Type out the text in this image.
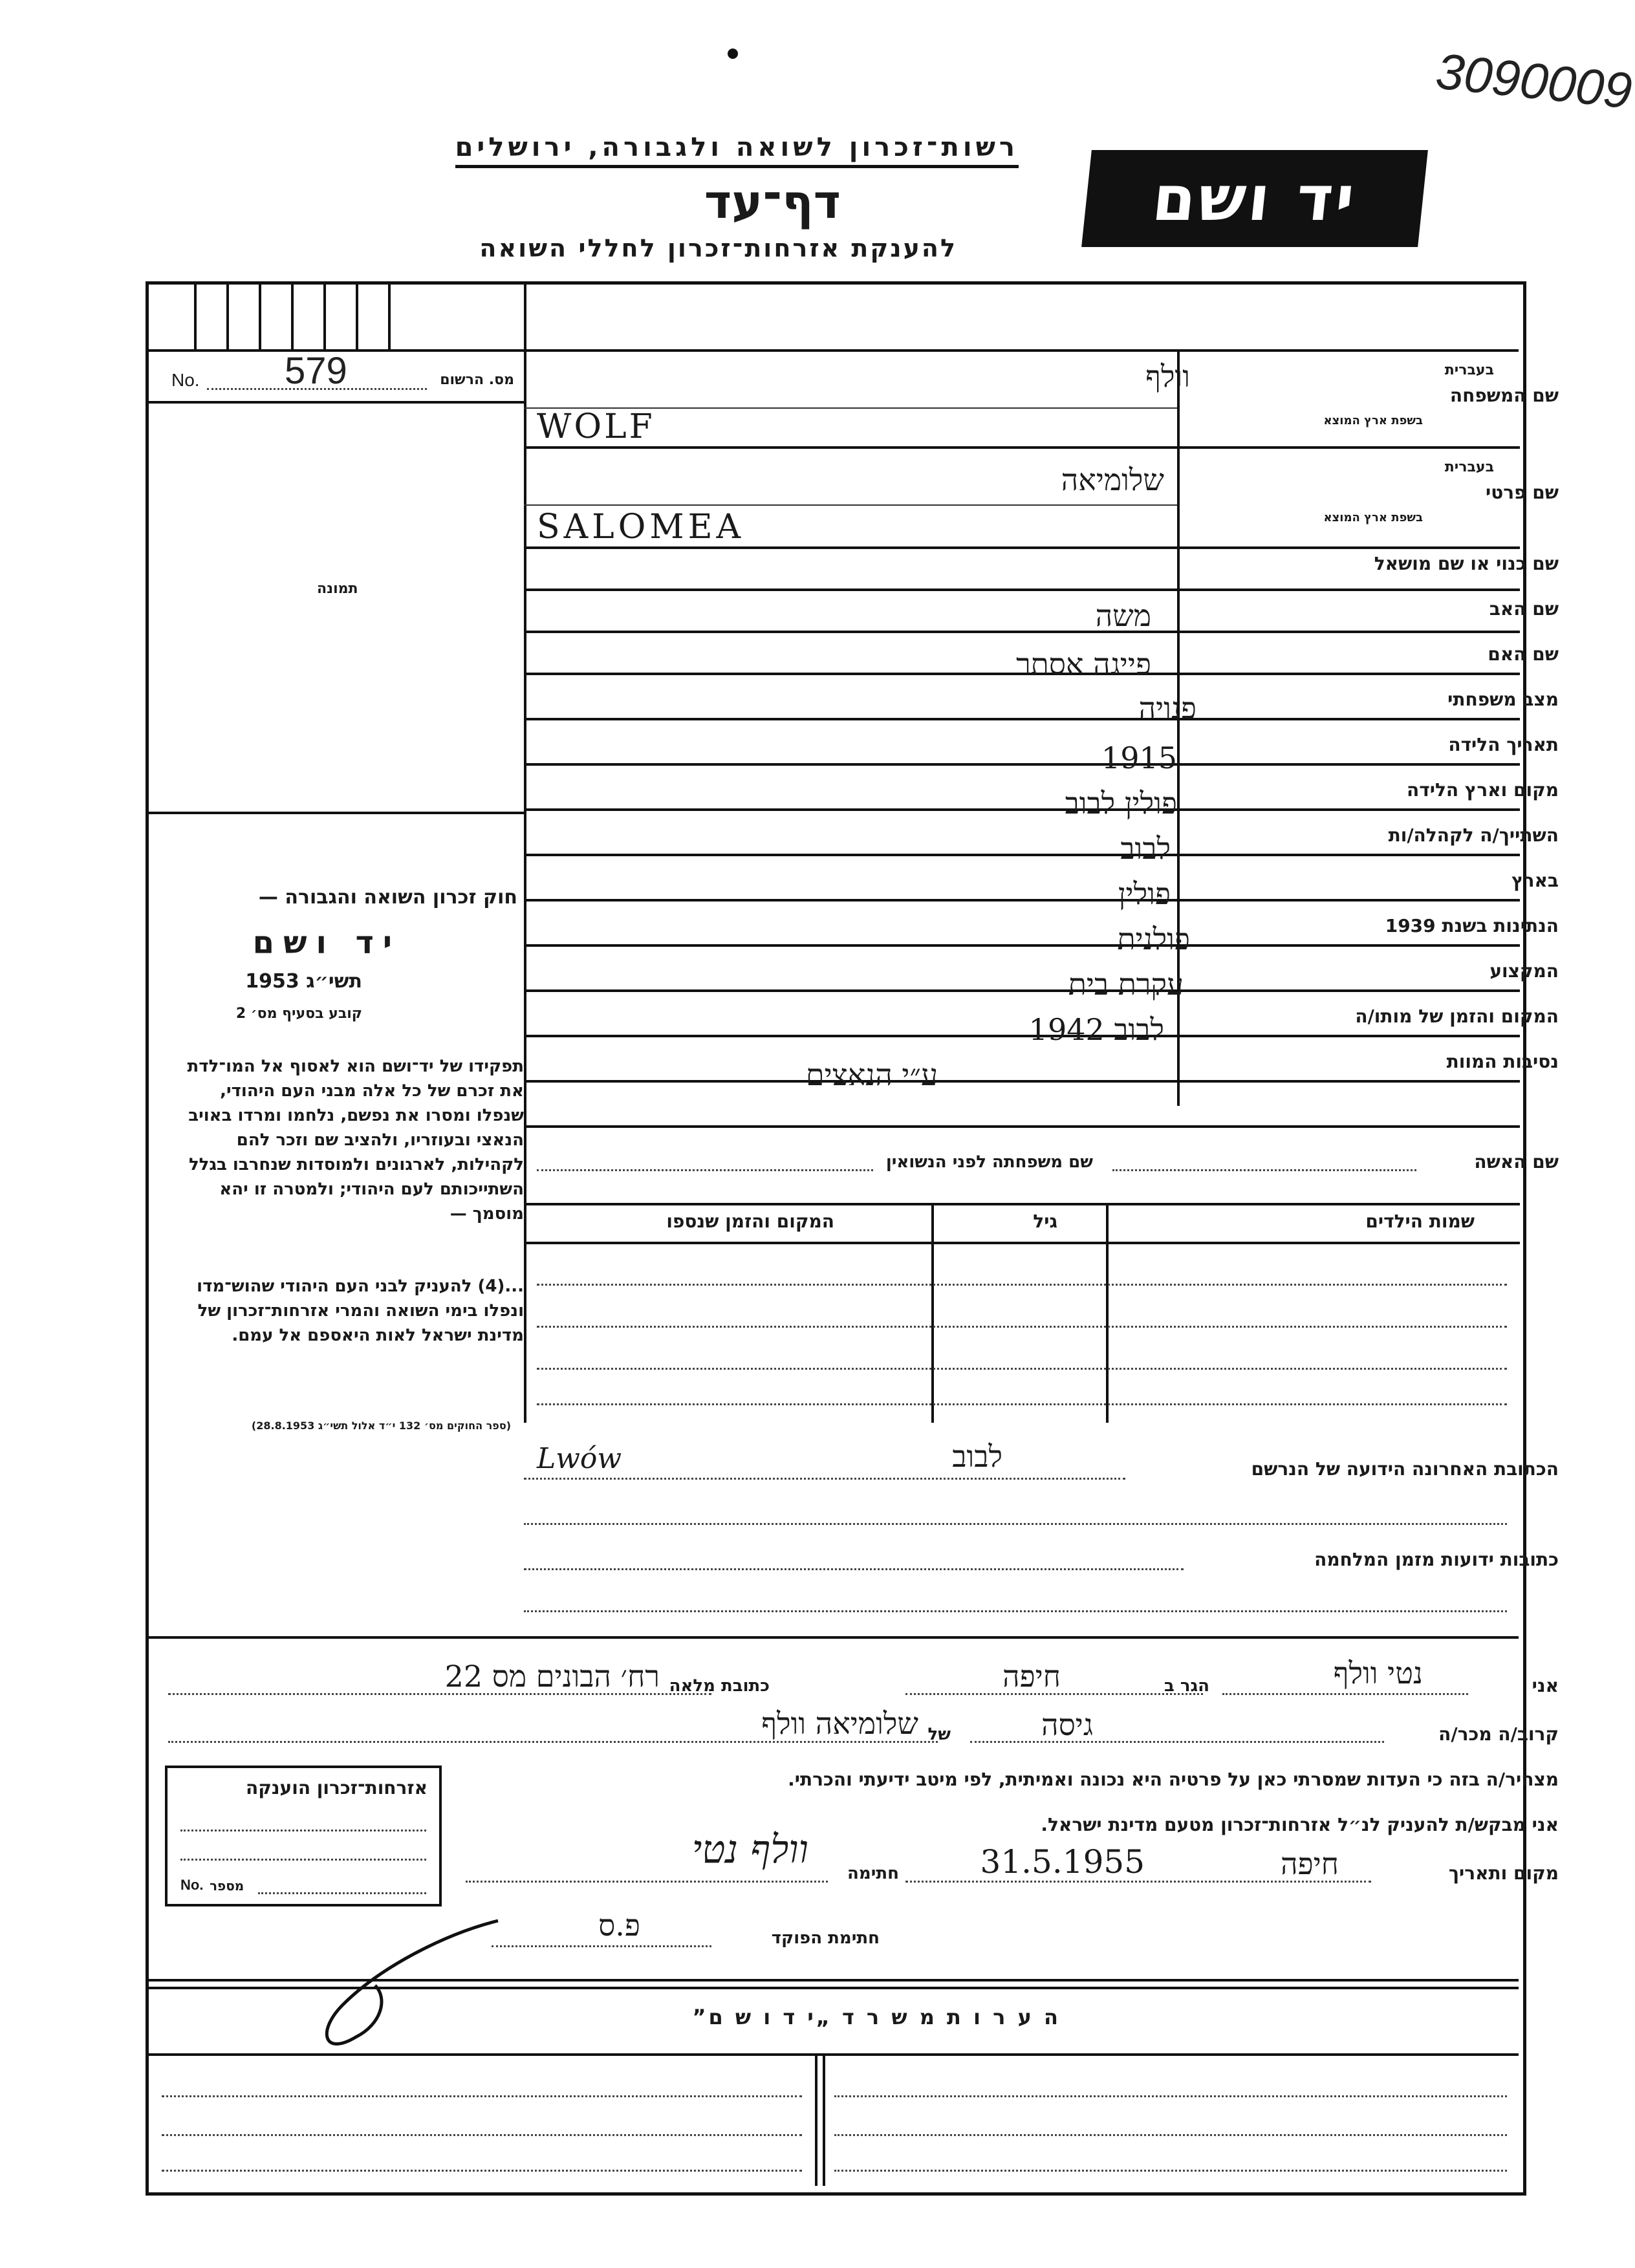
3090009
רשות־זכרון לשואה ולגבורה, ירושלים
דף־עד
להענקת אזרחות־זכרון לחללי השואה
יד ושם
No. 579	מס. הרשום
תמונה
חוק זכרון השואה והגבורה —
יד ושם
תשי״ג 1953
קובע בסעיף מס׳ 2
תפקידו של יד־ושם הוא לאסוף אל המו־לדת את זכרם של כל אלה מבני העם היהודי, שנפלו ומסרו את נפשם, נלחמו ומרדו באויב הנאצי ובעוזריו, ולהציב שם וזכר להם לקהילות, לארגונים ולמוסדות שנחרבו בגלל השתייכותם לעם היהודי; ולמטרה זו יהא מוסמך —
...(4) להעניק לבני העם היהודי שהוש־מדו ונפלו בימי השואה והמרי אזרחות־זכרון של מדינת ישראל לאות היאספם אל עמם.
(ספר החוקים מס׳ 132 י״ד אלול תשי״ג 28.8.1953)
בעברית
שם המשפחה
בשפת ארץ המוצא
בעברית
שם פרטי
בשפת ארץ המוצא
שם כנוי או שם מושאל
שם האב
שם האם
מצב משפחתי
תאריך הלידה
מקום וארץ הלידה
השתייך/ה לקהלה/ות
בארץ
הנתינות בשנת 1939
המקצוע
המקום והזמן של מותו/ה
נסיבות המוות
וולף
WOLF
שלומיאה
SALOMEA
משה
פייגה אסתר
פנויה
1915
פולין לבוב
לבוב
פולין
פולנית
עקרת בית
לבוב 1942
ע״י הנאצים
שם האשה
שם משפחתה לפני הנשואין
שמות הילדים
גיל
המקום והזמן שנספו
הכתובת האחרונה הידועה של הנרשם
לבוב
Lwów
כתובות ידועות מזמן המלחמה
אני
נטי וולף
הגר ב
חיפה
כתובת מלאה
רח׳ הבונים מס 22
קרוב/ה מכר/ה
גיסה
של
שלומיאה וולף
מצהיר/ה בזה כי העדות שמסרתי כאן על פרטיה היא נכונה ואמיתית, לפי מיטב ידיעתי והכרתי.
אני מבקש/ת להעניק לנ״ל אזרחות־זכרון מטעם מדינת ישראל.
מקום ותאריך
חיפה
31.5.1955
חתימה
וולף נטי
חתימת הפוקד
פ.ס
אזרחות־זכרון הוענקה
No. מספר
ה ע ר ו ת מ ש ר ד „י ד ו ש ם”
